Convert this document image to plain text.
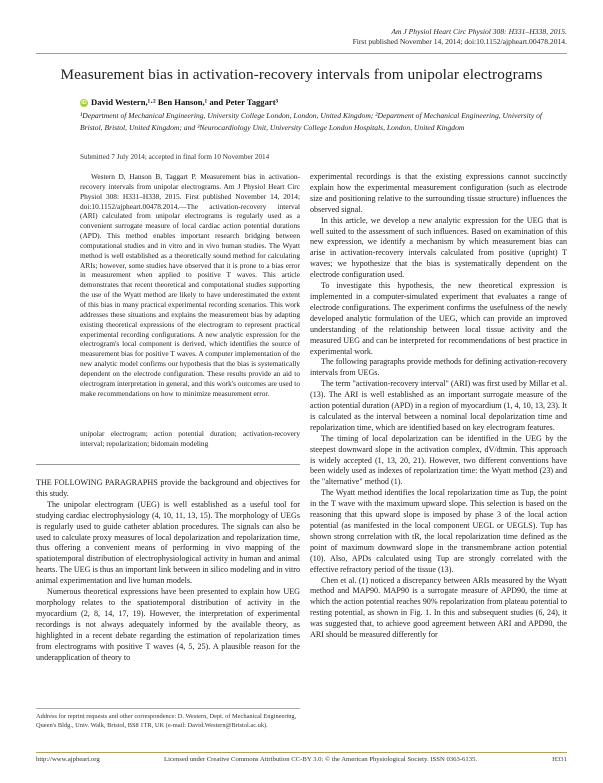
Am J Physiol Heart Circ Physiol 308: H331–H338, 2015.
First published November 14, 2014; doi:10.1152/ajpheart.00478.2014.
Measurement bias in activation-recovery intervals from unipolar electrograms
iD David Western,¹·² Ben Hanson,¹ and Peter Taggart³
¹Department of Mechanical Engineering, University College London, London, United Kingdom; ²Department of Mechanical Engineering, University of Bristol, Bristol, United Kingdom; and ³Neurocardiology Unit, University College London Hospitals, London, United Kingdom
Submitted 7 July 2014; accepted in final form 10 November 2014

Western D, Hanson B, Taggart P. Measurement bias in activation-recovery intervals from unipolar electrograms. Am J Physiol Heart Circ Physiol 308: H331–H338, 2015. First published November 14, 2014; doi:10.1152/ajpheart.00478.2014.—The activation-recovery interval (ARI) calculated from unipolar electrograms is regularly used as a convenient surrogate measure of local cardiac action potential durations (APD). This method enables important research bridging between computational studies and in vitro and in vivo human studies. The Wyatt method is well established as a theoretically sound method for calculating ARIs; however, some studies have observed that it is prone to a bias error in measurement when applied to positive T waves. This article demonstrates that recent theoretical and computational studies supporting the use of the Wyatt method are likely to have underestimated the extent of this bias in many practical experimental recording scenarios. This work addresses these situations and explains the measurement bias by adapting existing theoretical expressions of the electrogram to represent practical experimental recording configurations. A new analytic expression for the electrogram's local component is derived, which identifies the source of measurement bias for positive T waves. A computer implementation of the new analytic model confirms our hypothesis that the bias is systematically dependent on the electrode configuration. These results provide an aid to electrogram interpretation in general, and this work's outcomes are used to make recommendations on how to minimize measurement error.

unipolar electrogram; action potential duration; activation-recovery interval; repolarization; bidomain modeling

THE FOLLOWING PARAGRAPHS provide the background and objectives for this study.

The unipolar electrogram (UEG) is well established as a useful tool for studying cardiac electrophysiology (4, 10, 11, 13, 15). The morphology of UEGs is regularly used to guide catheter ablation procedures. The signals can also be used to calculate proxy measures of local depolarization and repolarization time, thus offering a convenient means of performing in vivo mapping of the spatiotemporal distribution of electrophysiological activity in human and animal hearts. The UEG is thus an important link between in silico modeling and in vitro animal experimentation and live human models.

Numerous theoretical expressions have been presented to explain how UEG morphology relates to the spatiotemporal distribution of activity in the myocardium (2, 8, 14, 17, 19). However, the interpretation of experimental recordings is not always adequately informed by the available theory, as highlighted in a recent debate regarding the estimation of repolarization times from electrograms with positive T waves (4, 5, 25). A plausible reason for the underapplication of theory to

Address for reprint requests and other correspondence: D. Western, Dept. of Mechanical Engineering, Queen's Bldg., Univ. Walk, Bristol, BS8 1TR, UK (e-mail: David.Western@Bristol.ac.uk).

experimental recordings is that the existing expressions cannot succinctly explain how the experimental measurement configuration (such as electrode size and positioning relative to the surrounding tissue structure) influences the observed signal.

In this article, we develop a new analytic expression for the UEG that is well suited to the assessment of such influences. Based on examination of this new expression, we identify a mechanism by which measurement bias can arise in activation-recovery intervals calculated from positive (upright) T waves; we hypothesize that the bias is systematically dependent on the electrode configuration used.

To investigate this hypothesis, the new theoretical expression is implemented in a computer-simulated experiment that evaluates a range of electrode configurations. The experiment confirms the usefulness of the newly developed analytic formulation of the UEG, which can provide an improved understanding of the relationship between local tissue activity and the measured UEG and can be interpreted for recommendations of best practice in experimental work.

The following paragraphs provide methods for defining activation-recovery intervals from UEGs.

The term "activation-recovery interval" (ARI) was first used by Millar et al. (13). The ARI is well established as an important surrogate measure of the action potential duration (APD) in a region of myocardium (1, 4, 10, 13, 23). It is calculated as the interval between a nominal local depolarization time and repolarization time, which are identified based on key electrogram features.

The timing of local depolarization can be identified in the UEG by the steepest downward slope in the activation complex, dV/dtmin. This approach is widely accepted (1, 13, 20, 21). However, two different conventions have been widely used as indexes of repolarization time: the Wyatt method (23) and the "alternative" method (1).

The Wyatt method identifies the local repolarization time as Tup, the point in the T wave with the maximum upward slope. This selection is based on the reasoning that this upward slope is imposed by phase 3 of the local action potential (as manifested in the local component UEGL or UEGLS). Tup has shown strong correlation with tR, the local repolarization time defined as the point of maximum downward slope in the transmembrane action potential (10). Also, APDs calculated using Tup are strongly correlated with the effective refractory period of the tissue (13).

Chen et al. (1) noticed a discrepancy between ARIs measured by the Wyatt method and MAP90. MAP90 is a surrogate measure of APD90, the time at which the action potential reaches 90% repolarization from plateau potential to resting potential, as shown in Fig. 1. In this and subsequent studies (6, 24), it was suggested that, to achieve good agreement between ARI and APD90, the ARI should be measured differently for

http://www.ajpheart.org	Licensed under Creative Commons Attribution CC-BY 3.0: © the American Physiological Society. ISSN 0363-6135.	H331
